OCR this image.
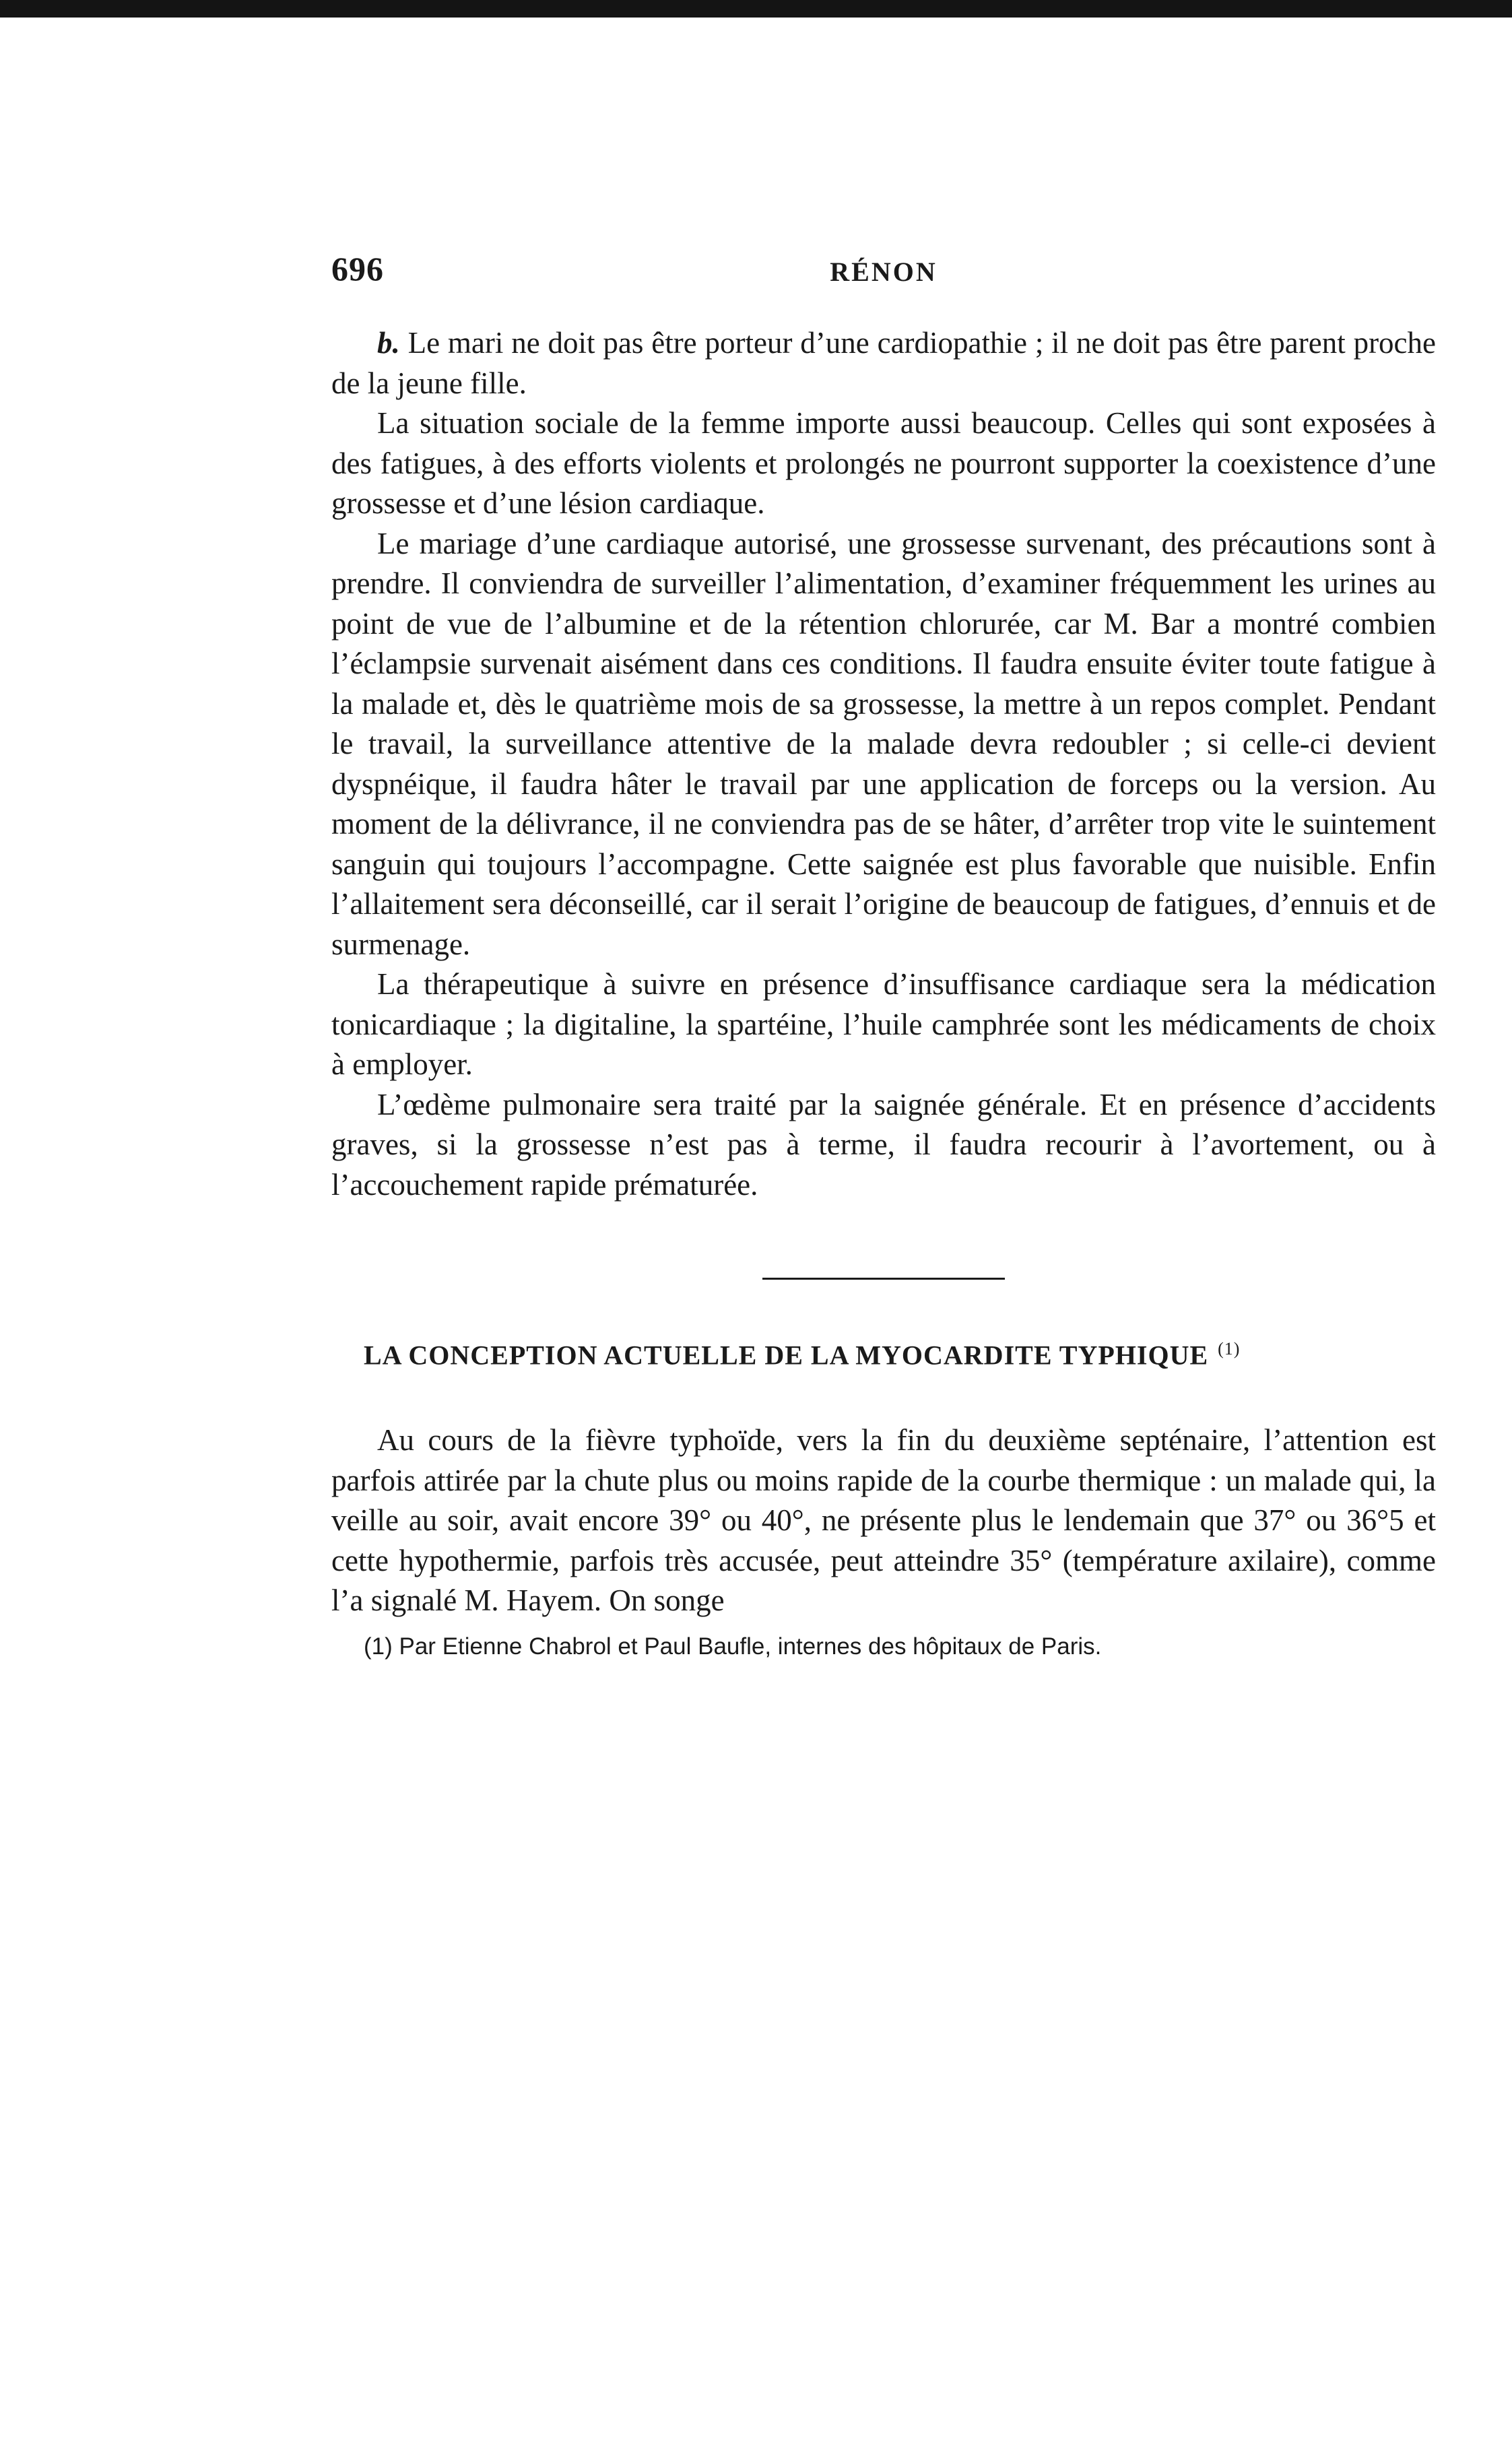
696	RÉNON

b. Le mari ne doit pas être porteur d’une cardiopathie ; il ne doit pas être parent proche de la jeune fille.

La situation sociale de la femme importe aussi beaucoup. Celles qui sont exposées à des fatigues, à des efforts violents et prolongés ne pourront supporter la coexistence d’une grossesse et d’une lésion cardiaque.

Le mariage d’une cardiaque autorisé, une grossesse survenant, des précautions sont à prendre. Il conviendra de surveiller l’alimentation, d’examiner fréquemment les urines au point de vue de l’albumine et de la rétention chlorurée, car M. Bar a montré combien l’éclampsie survenait aisément dans ces conditions. Il faudra ensuite éviter toute fatigue à la malade et, dès le quatrième mois de sa grossesse, la mettre à un repos complet. Pendant le travail, la surveillance attentive de la malade devra redoubler ; si celle-ci devient dyspnéique, il faudra hâter le travail par une application de forceps ou la version. Au moment de la délivrance, il ne conviendra pas de se hâter, d’arrêter trop vite le suintement sanguin qui toujours l’accompagne. Cette saignée est plus favorable que nuisible. Enfin l’allaitement sera déconseillé, car il serait l’origine de beaucoup de fatigues, d’ennuis et de surmenage.

La thérapeutique à suivre en présence d’insuffisance cardiaque sera la médication tonicardiaque ; la digitaline, la spartéine, l’huile camphrée sont les médicaments de choix à employer.

L’œdème pulmonaire sera traité par la saignée générale. Et en présence d’accidents graves, si la grossesse n’est pas à terme, il faudra recourir à l’avortement, ou à l’accouchement rapide prématurée.

LA CONCEPTION ACTUELLE DE LA MYOCARDITE TYPHIQUE $^{(1)}$

Au cours de la fièvre typhoïde, vers la fin du deuxième septénaire, l’attention est parfois attirée par la chute plus ou moins rapide de la courbe thermique : un malade qui, la veille au soir, avait encore 39° ou 40°, ne présente plus le lendemain que 37° ou 36°5 et cette hypothermie, parfois très accusée, peut atteindre 35° (température axilaire), comme l’a signalé M. Hayem. On songe

(1) Par Etienne Chabrol et Paul Baufle, internes des hôpitaux de Paris.
